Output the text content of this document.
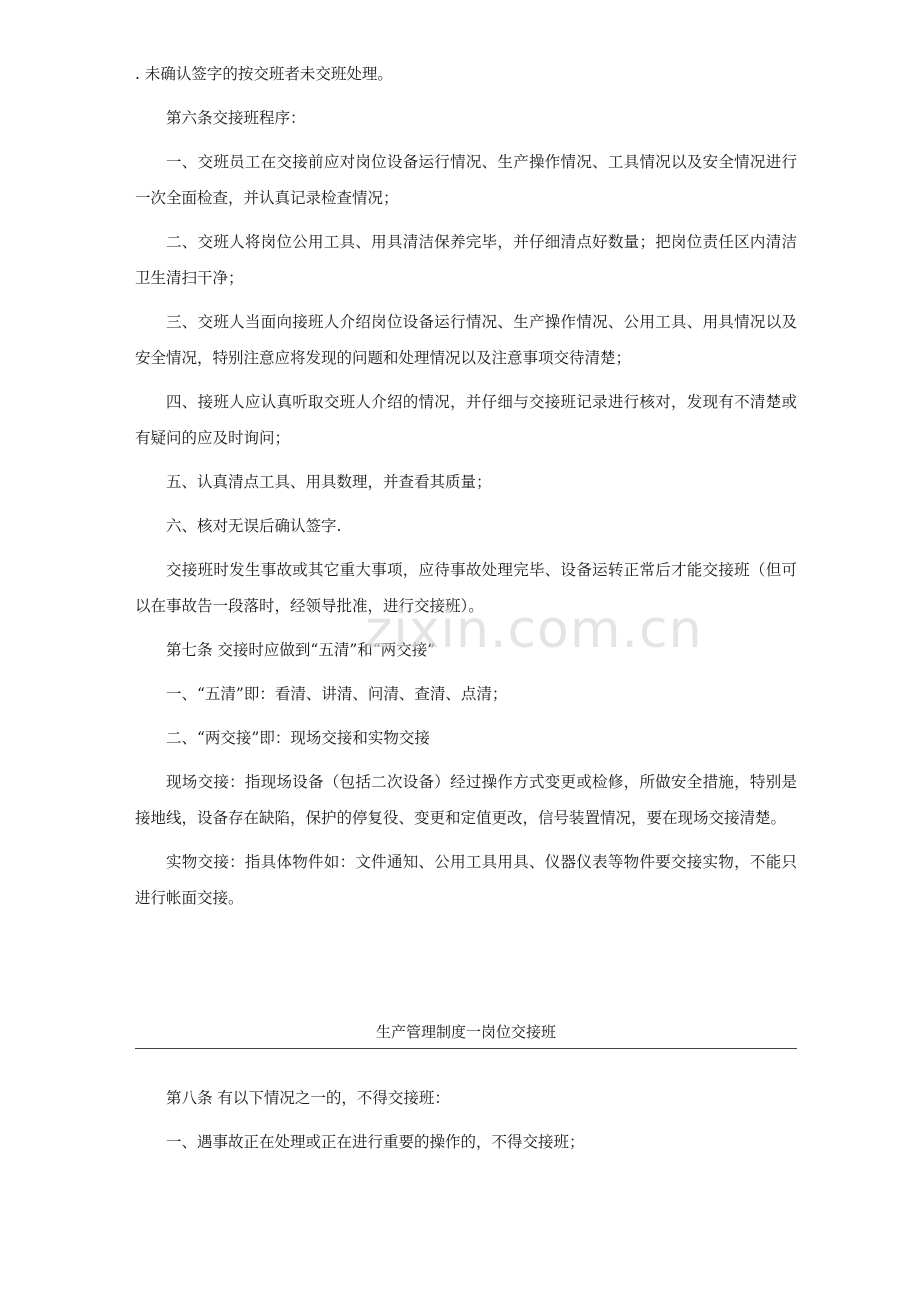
. 未确认签字的按交班者未交班处理。

第六条交接班程序：

一、交班员工在交接前应对岗位设备运行情况、生产操作情况、工具情况以及安全情况进行一次全面检查，并认真记录检查情况；

二、交班人将岗位公用工具、用具清洁保养完毕，并仔细清点好数量；把岗位责任区内清洁卫生清扫干净；

三、交班人当面向接班人介绍岗位设备运行情况、生产操作情况、公用工具、用具情况以及安全情况，特别注意应将发现的问题和处理情况以及注意事项交待清楚；

四、接班人应认真听取交班人介绍的情况，并仔细与交接班记录进行核对，发现有不清楚或有疑问的应及时询问；

五、认真清点工具、用具数理，并查看其质量；

六、核对无误后确认签字.

交接班时发生事故或其它重大事项，应待事故处理完毕、设备运转正常后才能交接班（但可以在事故告一段落时，经领导批准，进行交接班）。

第七条 交接时应做到“五清”和“两交接”

一、“五清”即：看清、讲清、问清、查清、点清；

二、“两交接”即：现场交接和实物交接

现场交接：指现场设备（包括二次设备）经过操作方式变更或检修，所做安全措施，特别是接地线，设备存在缺陷，保护的停复役、变更和定值更改，信号装置情况，要在现场交接清楚。

实物交接：指具体物件如：文件通知、公用工具用具、仪器仪表等物件要交接实物，不能只进行帐面交接。

生产管理制度一岗位交接班

第八条 有以下情况之一的，不得交接班：

一、遇事故正在处理或正在进行重要的操作的，不得交接班；

zixin.com.cn
